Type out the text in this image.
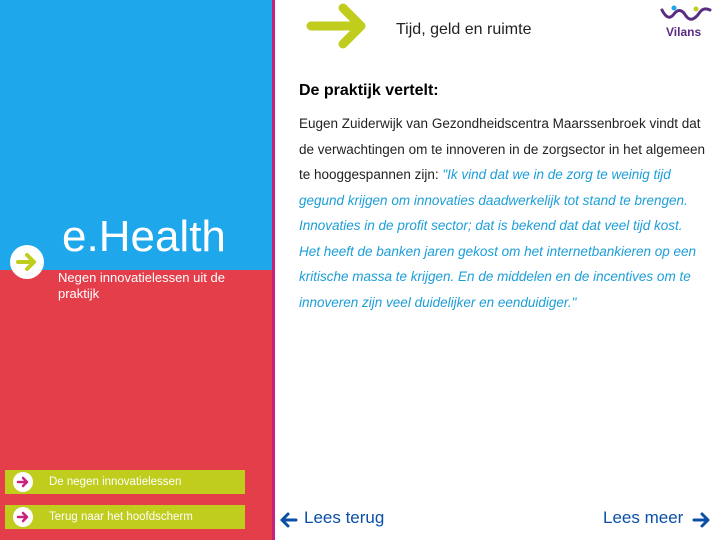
e.Health
Negen innovatielessen uit de praktijk
Tijd, geld en ruimte	Vilans
De praktijk vertelt:
Eugen Zuiderwijk van Gezondheidscentra Maarssenbroek vindt dat de verwachtingen om te innoveren in de zorgsector in het algemeen te hooggespannen zijn: "Ik vind dat we in de zorg te weinig tijd gegund krijgen om innovaties daadwerkelijk tot stand te brengen. Innovaties in de profit sector; dat is bekend dat dat veel tijd kost. Het heeft de banken jaren gekost om het internetbankieren op een kritische massa te krijgen. En de middelen en de incentives om te innoveren zijn veel duidelijker en eenduidiger."
De negen innovatielessen
Terug naar het hoofdscherm	Lees terug	Lees meer
